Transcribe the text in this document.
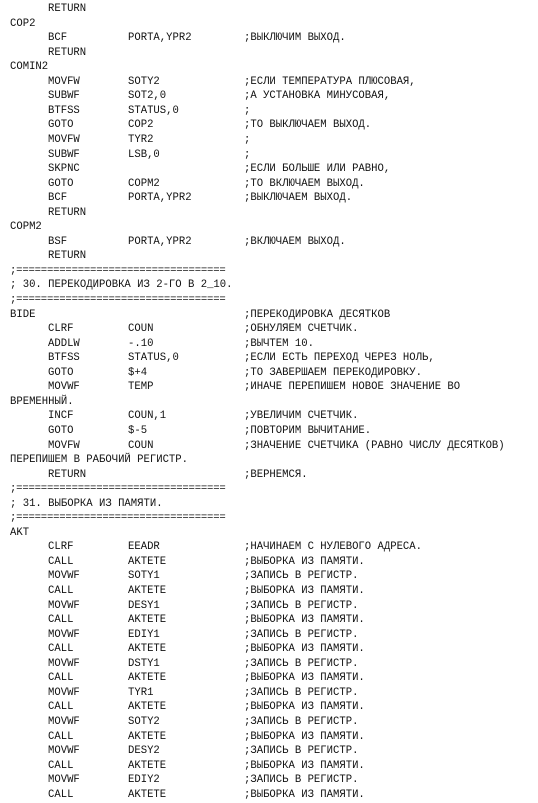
RETURN
COP2
BCF	PORTA,YPR2	;ВЫКЛЮЧИМ ВЫХОД.
RETURN
COMIN2
MOVFW	SOTY2	;ЕСЛИ ТЕМПЕРАТУРА ПЛЮСОВАЯ,
SUBWF	SOT2,0	;А УСТАНОВКА МИНУСОВАЯ,
BTFSS	STATUS,0	;
GOTO	COP2	;ТО ВЫКЛЮЧАЕМ ВЫХОД.
MOVFW	TYR2	;
SUBWF	LSB,0	;
SKPNC	;ЕСЛИ БОЛЬШЕ ИЛИ РАВНО,
GOTO	COPM2	;ТО ВКЛЮЧАЕМ ВЫХОД.
BCF	PORTA,YPR2	;ВЫКЛЮЧАЕМ ВЫХОД.
RETURN
COPM2
BSF	PORTA,YPR2	;ВКЛЮЧАЕМ ВЫХОД.
RETURN
;==================================
; 30. ПЕРЕКОДИРОВКА ИЗ 2-ГО В 2_10.
;==================================
BIDE	;ПЕРЕКОДИРОВКА ДЕСЯТКОВ
CLRF	COUN	;ОБНУЛЯЕМ СЧЕТЧИК.
ADDLW	-.10	;ВЫЧТЕМ 10.
BTFSS	STATUS,0	;ЕСЛИ ЕСТЬ ПЕРЕХОД ЧЕРЕЗ НОЛЬ,
GOTO	$+4	;ТО ЗАВЕРШАЕМ ПЕРЕКОДИРОВКУ.
MOVWF	TEMP	;ИНАЧЕ ПЕРЕПИШЕМ НОВОЕ ЗНАЧЕНИЕ ВО
ВРЕМЕННЫЙ.
INCF	COUN,1	;УВЕЛИЧИМ СЧЕТЧИК.
GOTO	$-5	;ПОВТОРИМ ВЫЧИТАНИЕ.
MOVFW	COUN	;ЗНАЧЕНИЕ СЧЕТЧИКА (РАВНО ЧИСЛУ ДЕСЯТКОВ)
ПЕРЕПИШЕМ В РАБОЧИЙ РЕГИСТР.
RETURN	;ВЕРНЕМСЯ.
;==================================
; 31. ВЫБОРКА ИЗ ПАМЯТИ.
;==================================
AKT
CLRF	EEADR	;НАЧИНАЕМ С НУЛЕВОГО АДРЕСА.
CALL	AKTETE	;ВЫБОРКА ИЗ ПАМЯТИ.
MOVWF	SOTY1	;ЗАПИСЬ В РЕГИСТР.
CALL	AKTETE	;ВЫБОРКА ИЗ ПАМЯТИ.
MOVWF	DESY1	;ЗАПИСЬ В РЕГИСТР.
CALL	AKTETE	;ВЫБОРКА ИЗ ПАМЯТИ.
MOVWF	EDIY1	;ЗАПИСЬ В РЕГИСТР.
CALL	AKTETE	;ВЫБОРКА ИЗ ПАМЯТИ.
MOVWF	DSTY1	;ЗАПИСЬ В РЕГИСТР.
CALL	AKTETE	;ВЫБОРКА ИЗ ПАМЯТИ.
MOVWF	TYR1	;ЗАПИСЬ В РЕГИСТР.
CALL	AKTETE	;ВЫБОРКА ИЗ ПАМЯТИ.
MOVWF	SOTY2	;ЗАПИСЬ В РЕГИСТР.
CALL	AKTETE	;ВЫБОРКА ИЗ ПАМЯТИ.
MOVWF	DESY2	;ЗАПИСЬ В РЕГИСТР.
CALL	AKTETE	;ВЫБОРКА ИЗ ПАМЯТИ.
MOVWF	EDIY2	;ЗАПИСЬ В РЕГИСТР.
CALL	AKTETE	;ВЫБОРКА ИЗ ПАМЯТИ.
